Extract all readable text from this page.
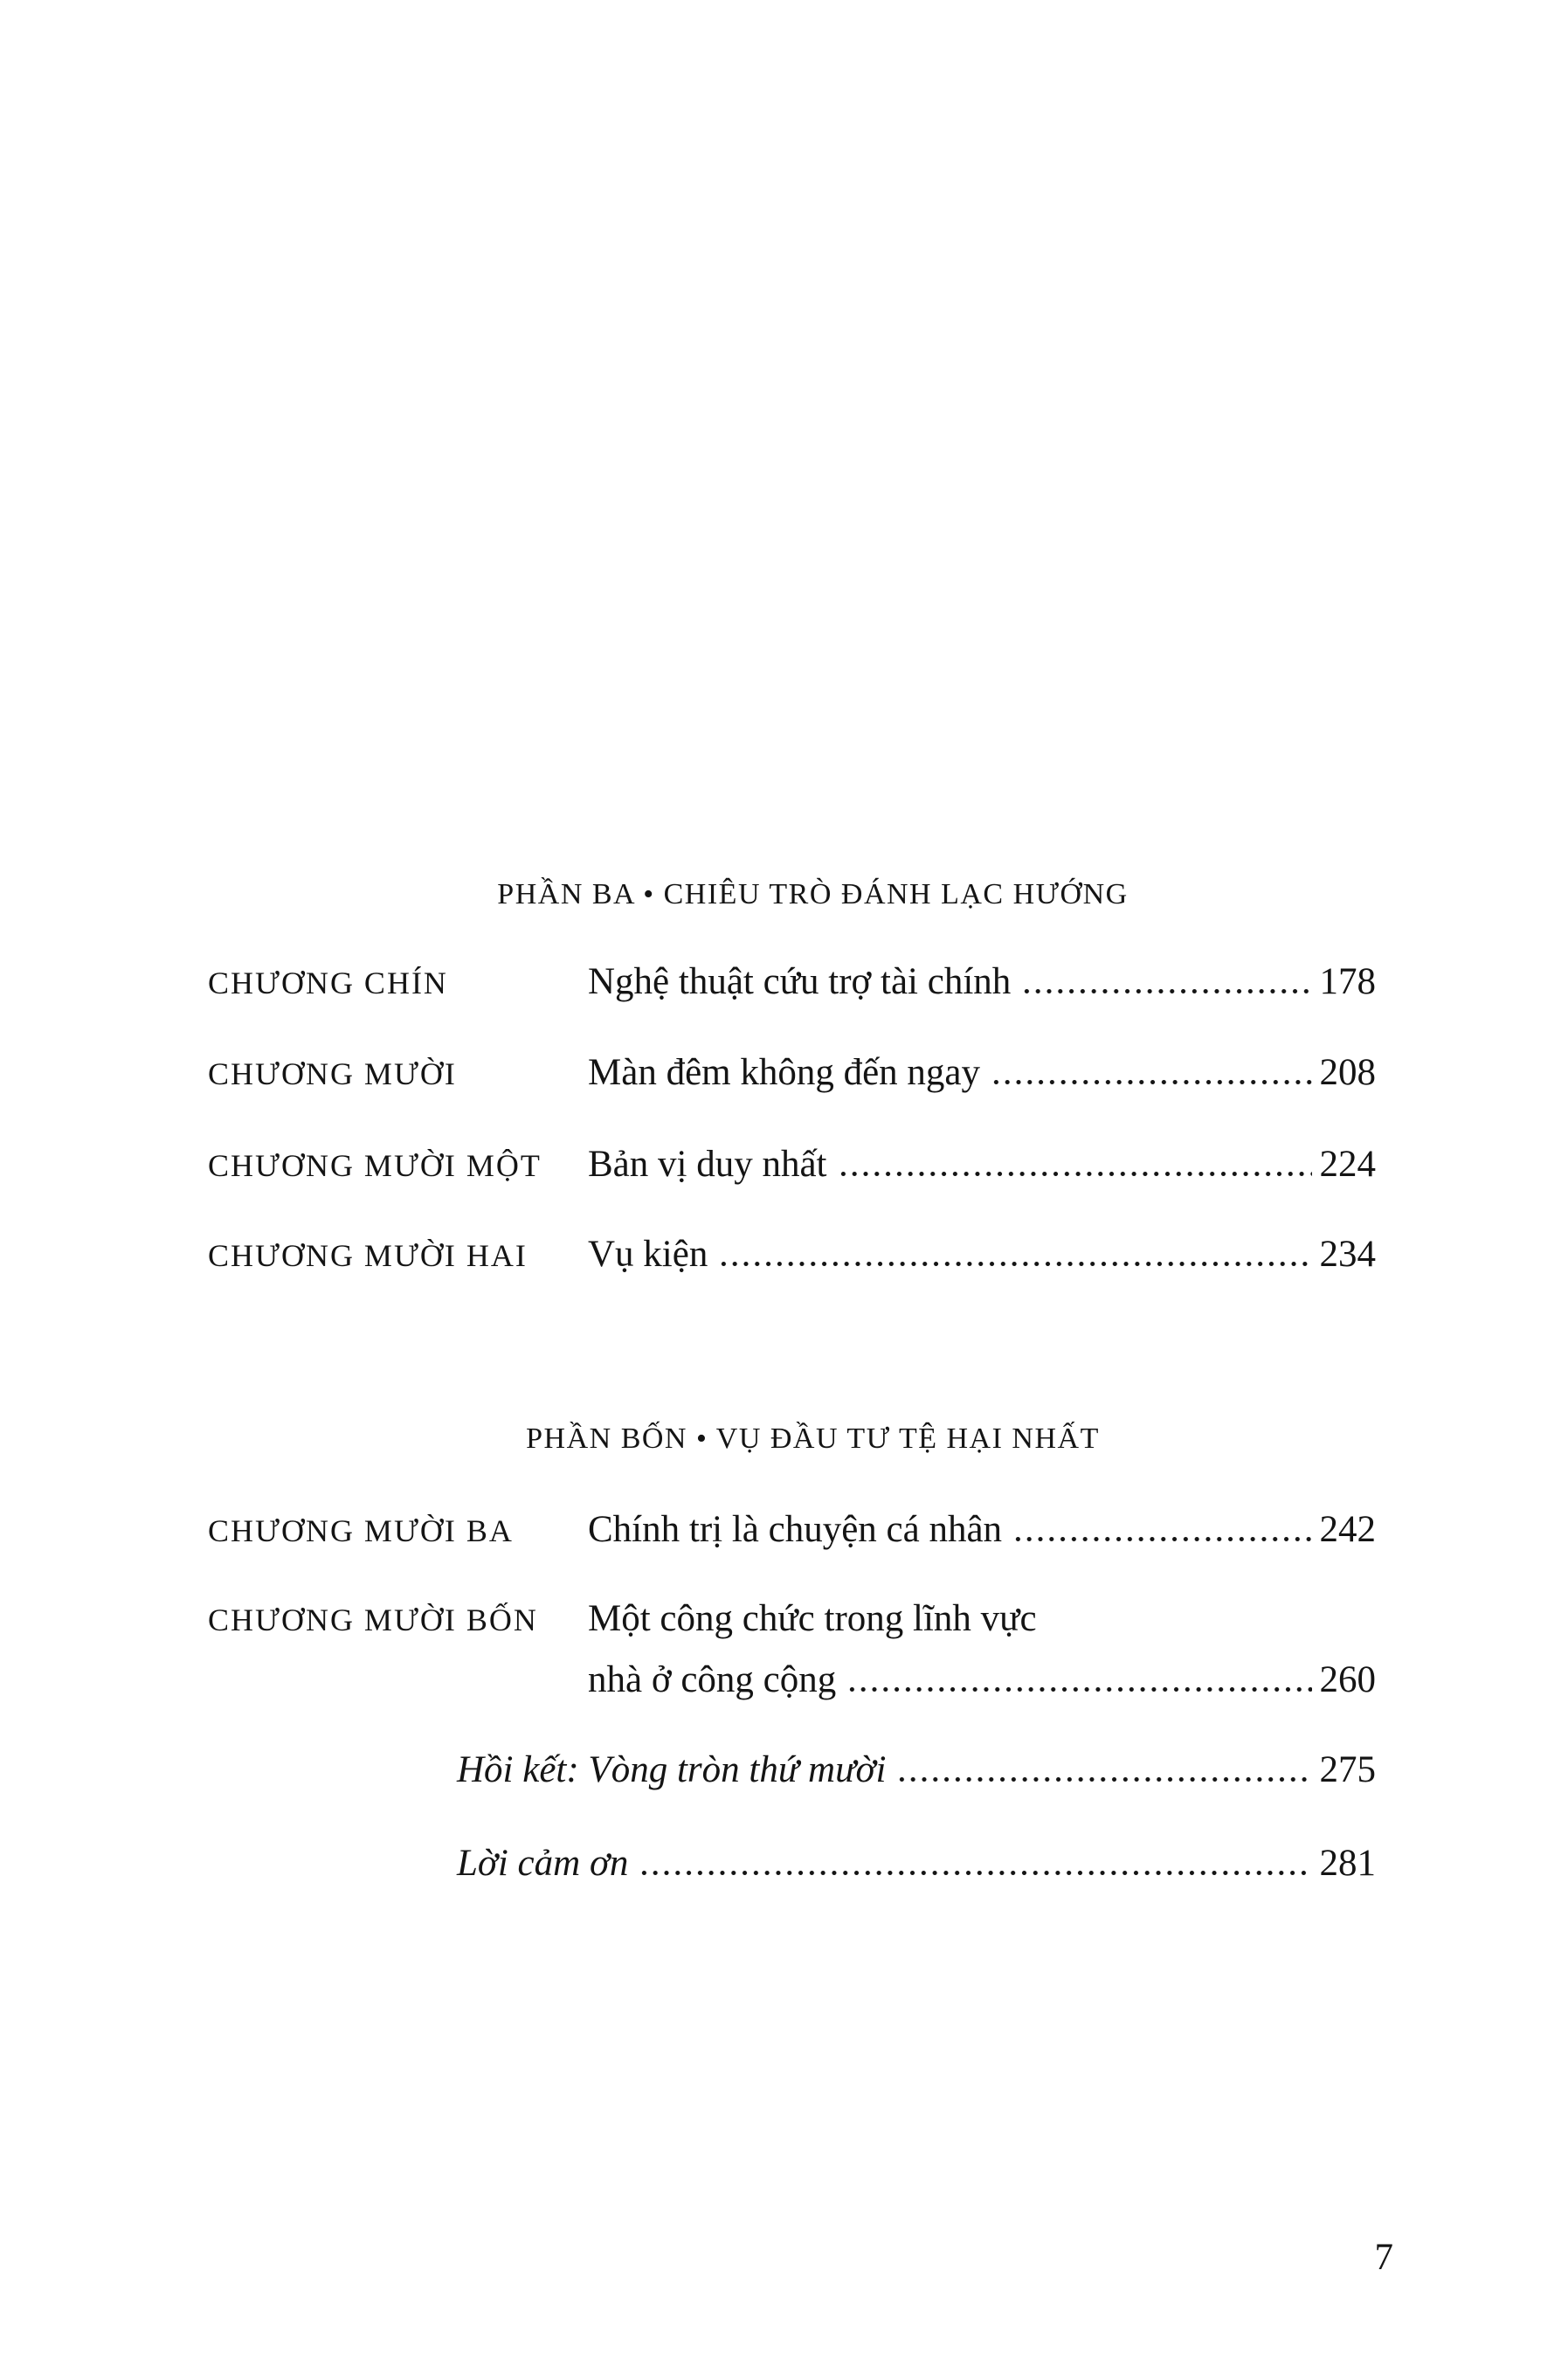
PHẦN BA • CHIÊU TRÒ ĐÁNH LẠC HƯỚNG
CHƯƠNG CHÍN	Nghệ thuật cứu trợ tài chính	178
CHƯƠNG MƯỜI	Màn đêm không đến ngay	208
CHƯƠNG MƯỜI MỘT	Bản vị duy nhất	224
CHƯƠNG MƯỜI HAI	Vụ kiện	234
PHẦN BỐN • VỤ ĐẦU TƯ TỆ HẠI NHẤT
CHƯƠNG MƯỜI BA	Chính trị là chuyện cá nhân	242
CHƯƠNG MƯỜI BỐN	Một công chức trong lĩnh vực
nhà ở công cộng	260
Hồi kết: Vòng tròn thứ mười	275
Lời cảm ơn	281
7
